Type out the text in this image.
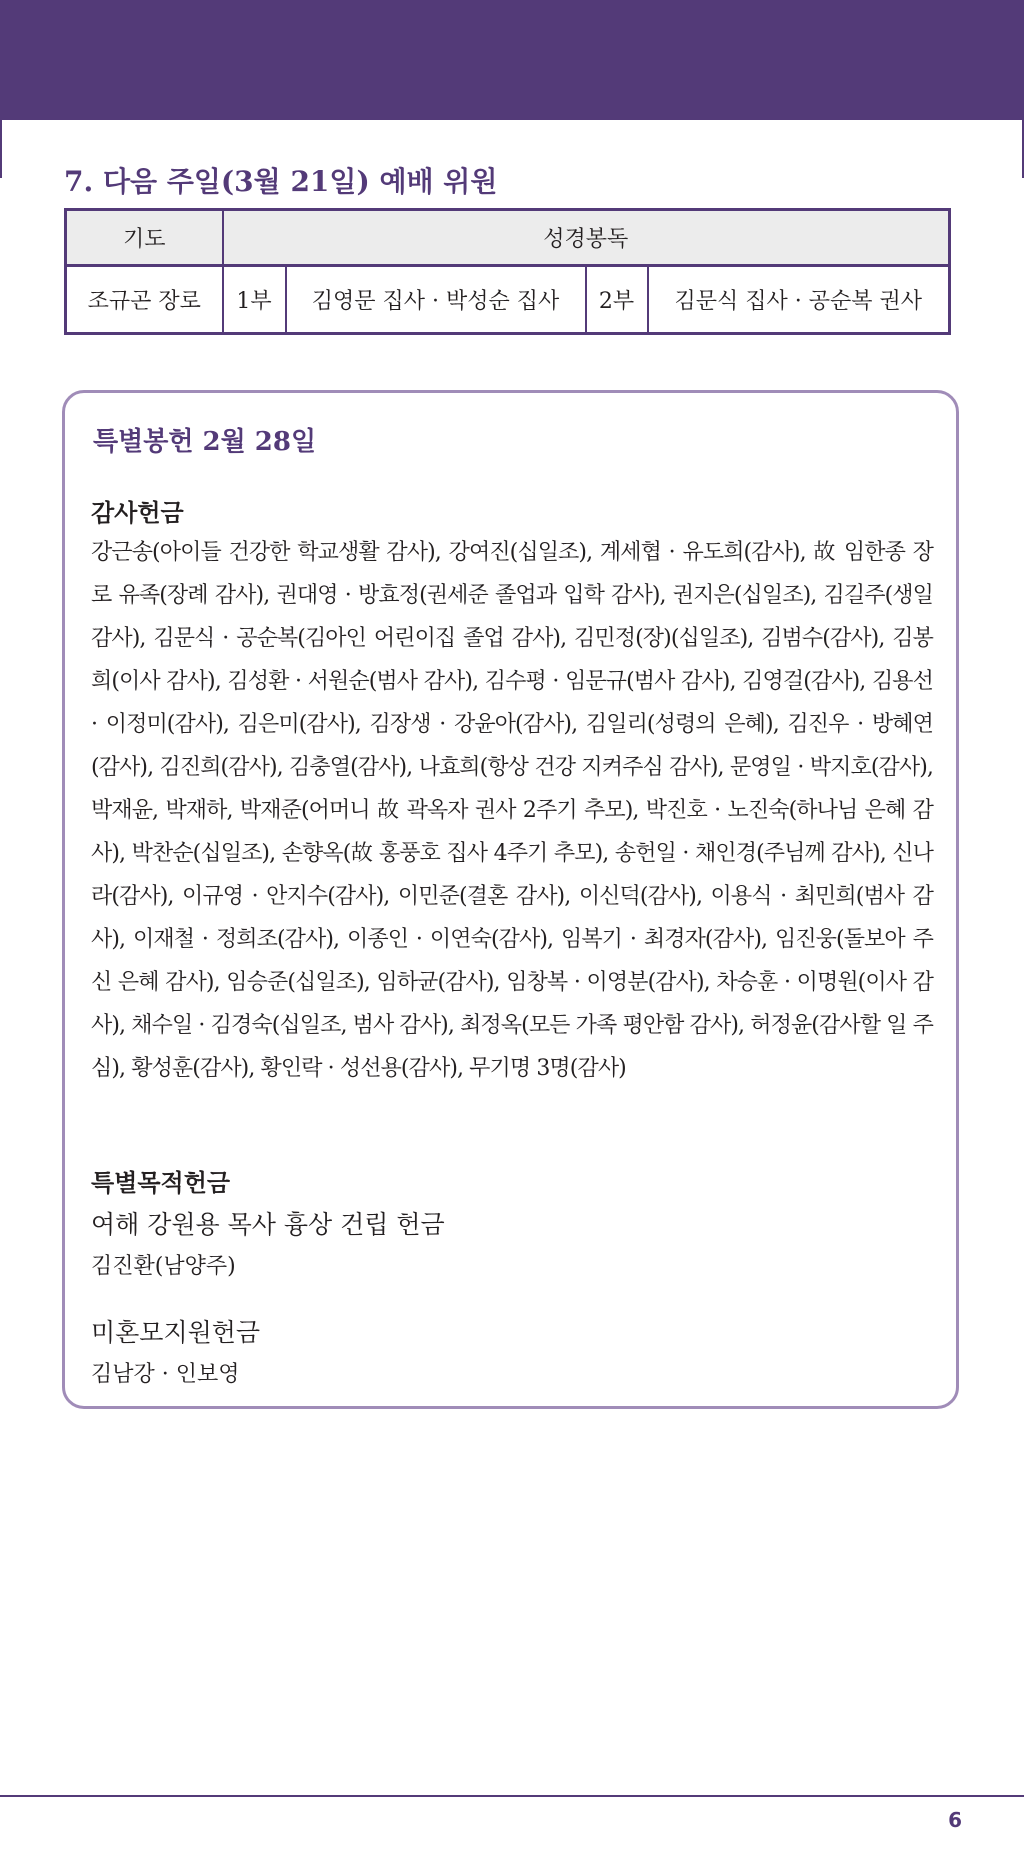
7. 다음 주일(3월 21일) 예배 위원
기도	성경봉독			
조규곤 장로	1부	김영문 집사 · 박성순 집사	2부	김문식 집사 · 공순복 권사
특별봉헌 2월 28일
감사헌금

강근송(아이들 건강한 학교생활 감사), 강여진(십일조), 계세협 · 유도희(감사), 故 임한종 장로 유족(장례 감사), 권대영 · 방효정(권세준 졸업과 입학 감사), 권지은(십일조), 김길주(생일 감사), 김문식 · 공순복(김아인 어린이집 졸업 감사), 김민정(장)(십일조), 김범수(감사), 김봉희(이사 감사), 김성환 · 서원순(범사 감사), 김수평 · 임문규(범사 감사), 김영걸(감사), 김용선 · 이정미(감사), 김은미(감사), 김장생 · 강윤아(감사), 김일리(성령의 은혜), 김진우 · 방혜연(감사), 김진희(감사), 김충열(감사), 나효희(항상 건강 지켜주심 감사), 문영일 · 박지호(감사), 박재윤, 박재하, 박재준(어머니 故 곽옥자 권사 2주기 추모), 박진호 · 노진숙(하나님 은혜 감사), 박찬순(십일조), 손향옥(故 홍풍호 집사 4주기 추모), 송헌일 · 채인경(주님께 감사), 신나라(감사), 이규영 · 안지수(감사), 이민준(결혼 감사), 이신덕(감사), 이용식 · 최민희(범사 감사), 이재철 · 정희조(감사), 이종인 · 이연숙(감사), 임복기 · 최경자(감사), 임진웅(돌보아 주신 은혜 감사), 임승준(십일조), 임하균(감사), 임창복 · 이영분(감사), 차승훈 · 이명원(이사 감사), 채수일 · 김경숙(십일조, 범사 감사), 최정옥(모든 가족 평안함 감사), 허정윤(감사할 일 주심), 황성훈(감사), 황인락 · 성선용(감사), 무기명 3명(감사)

특별목적헌금

여해 강원용 목사 흉상 건립 헌금

김진환(남양주)

미혼모지원헌금

김남강 · 인보영

6
